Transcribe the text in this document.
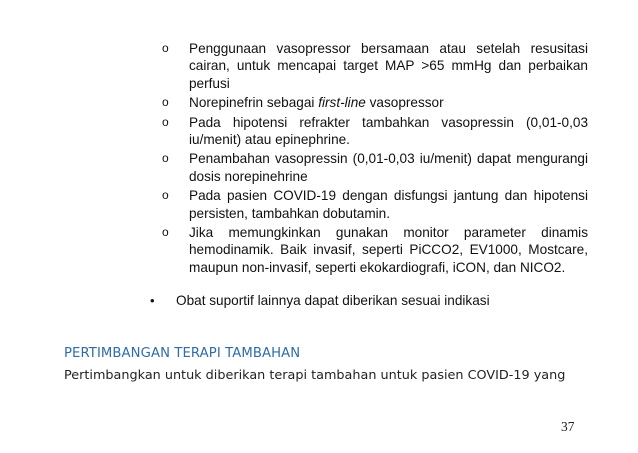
o Penggunaan vasopressor bersamaan atau setelah resusitasi cairan, untuk mencapai target MAP >65 mmHg dan perbaikan perfusi
o Norepinefrin sebagai first-line vasopressor
o Pada hipotensi refrakter tambahkan vasopressin (0,01-0,03 iu/menit) atau epinephrine.
o Penambahan vasopressin (0,01-0,03 iu/menit) dapat mengurangi dosis norepinehrine
o Pada pasien COVID-19 dengan disfungsi jantung dan hipotensi persisten, tambahkan dobutamin.
o Jika memungkinkan gunakan monitor parameter dinamis hemodinamik. Baik invasif, seperti PiCCO2, EV1000, Mostcare, maupun non-invasif, seperti ekokardiografi, iCON, dan NICO2.
•	Obat suportif lainnya dapat diberikan sesuai indikasi
PERTIMBANGAN TERAPI TAMBAHAN
Pertimbangkan untuk diberikan terapi tambahan untuk pasien COVID-19 yang
37
